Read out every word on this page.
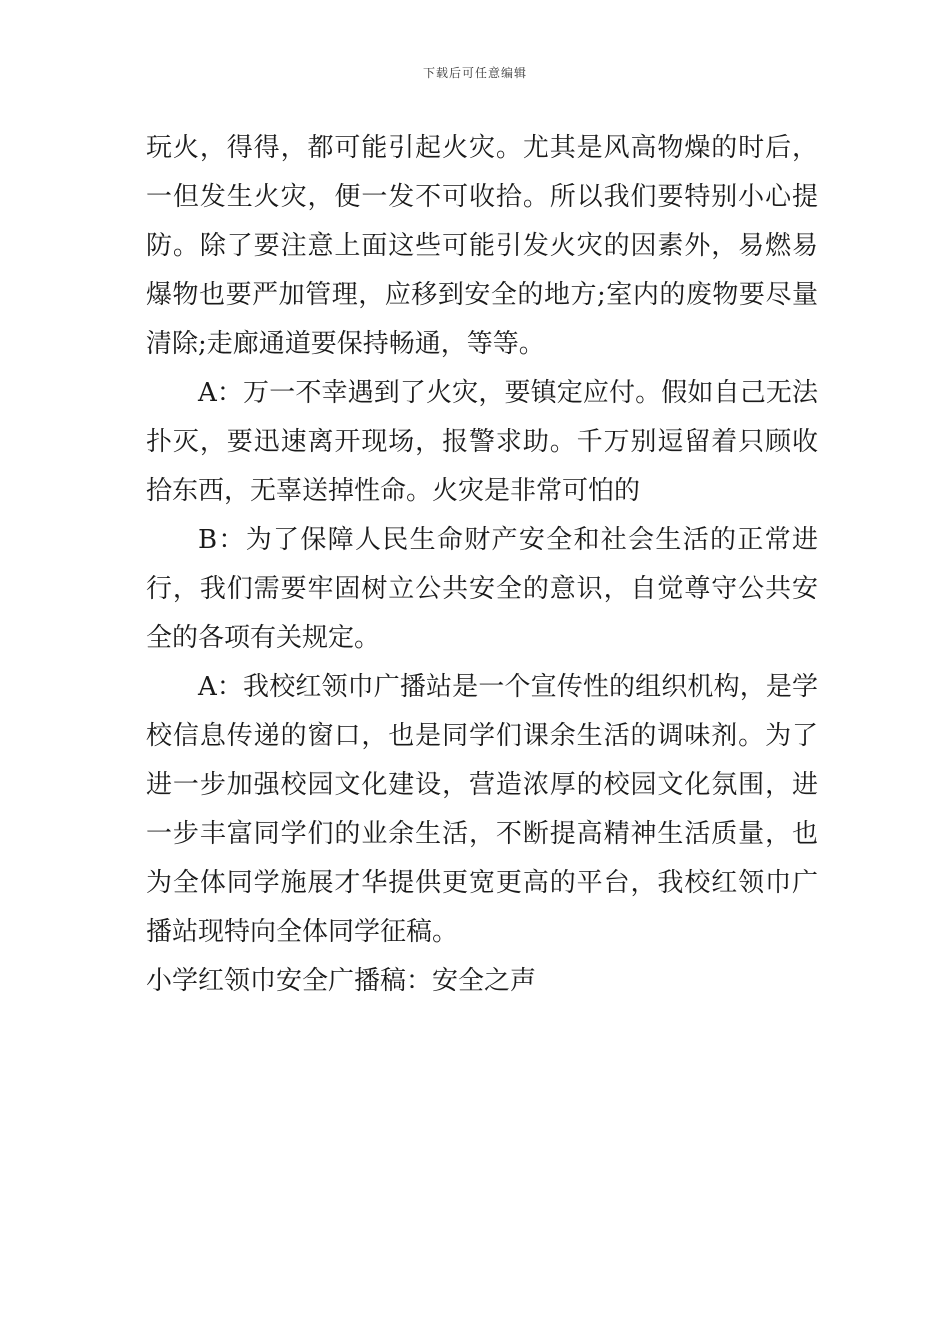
下载后可任意编辑

玩火，得得，都可能引起火灾。尤其是风高物燥的时后，一但发生火灾，便一发不可收拾。所以我们要特别小心提防。除了要注意上面这些可能引发火灾的因素外，易燃易爆物也要严加管理，应移到安全的地方;室内的废物要尽量清除;走廊通道要保持畅通，等等。

A：万一不幸遇到了火灾，要镇定应付。假如自己无法扑灭，要迅速离开现场，报警求助。千万别逗留着只顾收拾东西，无辜送掉性命。火灾是非常可怕的

B：为了保障人民生命财产安全和社会生活的正常进行，我们需要牢固树立公共安全的意识，自觉尊守公共安全的各项有关规定。

A：我校红领巾广播站是一个宣传性的组织机构，是学校信息传递的窗口，也是同学们课余生活的调味剂。为了进一步加强校园文化建设，营造浓厚的校园文化氛围，进一步丰富同学们的业余生活，不断提高精神生活质量，也为全体同学施展才华提供更宽更高的平台，我校红领巾广播站现特向全体同学征稿。

小学红领巾安全广播稿：安全之声
